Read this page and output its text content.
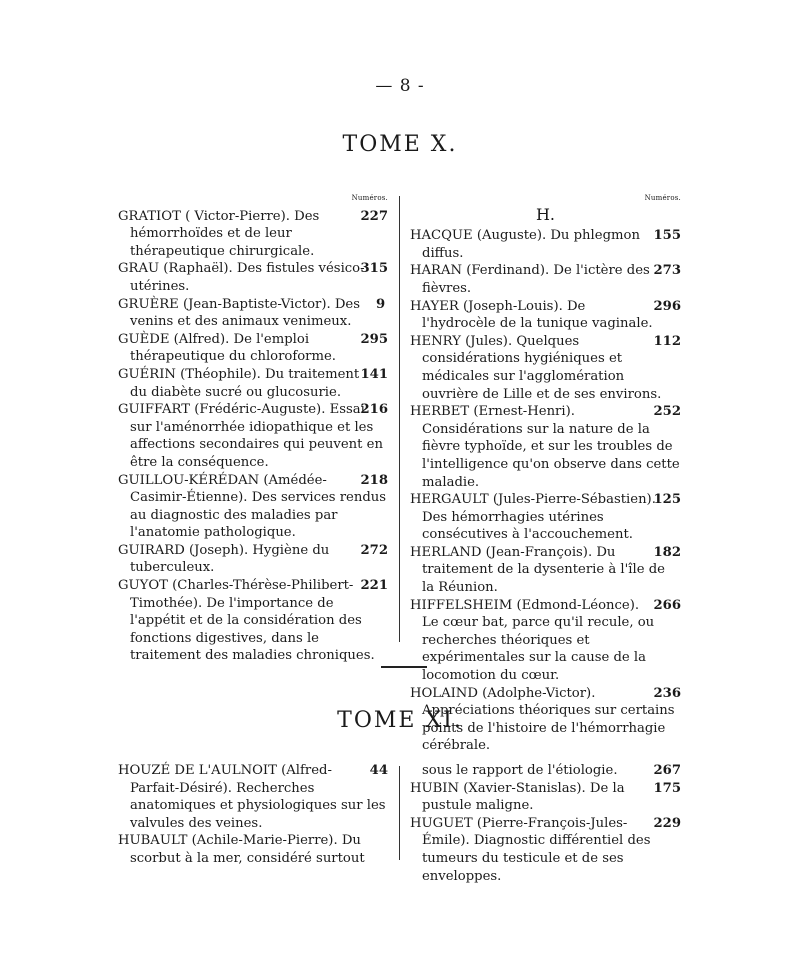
— 8 -
TOME X.
Numéros.
227
GRATIOT ( Victor-Pierre). Des hémorrhoïdes et de leur thérapeutique chirurgicale.
315
GRAU (Raphaël). Des fistules vésico-utérines.
9
GRUÈRE (Jean-Baptiste-Victor). Des venins et des animaux venimeux.
295
GUÈDE (Alfred). De l'emploi thérapeutique du chloroforme.
141
GUÉRIN (Théophile). Du traitement du diabète sucré ou glucosurie.
216
GUIFFART (Frédéric-Auguste). Essai sur l'aménorrhée idiopathique et les affections secondaires qui peuvent en être la conséquence.
218
GUILLOU-KÉRÉDAN (Amédée-Casimir-Étienne). Des services rendus au diagnostic des maladies par l'anatomie pathologique.
272
GUIRARD (Joseph). Hygiène du tuberculeux.
221
GUYOT (Charles-Thérèse-Philibert-Timothée). De l'importance de l'appétit et de la considération des fonctions digestives, dans le traitement des maladies chroniques.
Numéros.
H.
155
HACQUE (Auguste). Du phlegmon diffus.
273
HARAN (Ferdinand). De l'ictère des fièvres.
296
HAYER (Joseph-Louis). De l'hydrocèle de la tunique vaginale.
112
HENRY (Jules). Quelques considérations hygiéniques et médicales sur l'agglomération ouvrière de Lille et de ses environs.
252
HERBET (Ernest-Henri). Considérations sur la nature de la fièvre typhoïde, et sur les troubles de l'intelligence qu'on observe dans cette maladie.
125
HERGAULT (Jules-Pierre-Sébastien). Des hémorrhagies utérines consécutives à l'accouchement.
182
HERLAND (Jean-François). Du traitement de la dysenterie à l'île de la Réunion.
266
HIFFELSHEIM (Edmond-Léonce). Le cœur bat, parce qu'il recule, ou recherches théoriques et expérimentales sur la cause de la locomotion du cœur.
236
HOLAIND (Adolphe-Victor). Appréciations théoriques sur certains points de l'histoire de l'hémorrhagie cérébrale.
TOME XI.
44
HOUZÉ DE L'AULNOIT (Alfred-Parfait-Désiré). Recherches anatomiques et physiologiques sur les valvules des veines.
HUBAULT (Achile-Marie-Pierre). Du scorbut à la mer, considéré surtout
267
sous le rapport de l'étiologie.
175
HUBIN (Xavier-Stanislas). De la pustule maligne.
229
HUGUET (Pierre-François-Jules-Émile). Diagnostic différentiel des tumeurs du testicule et de ses enveloppes.
